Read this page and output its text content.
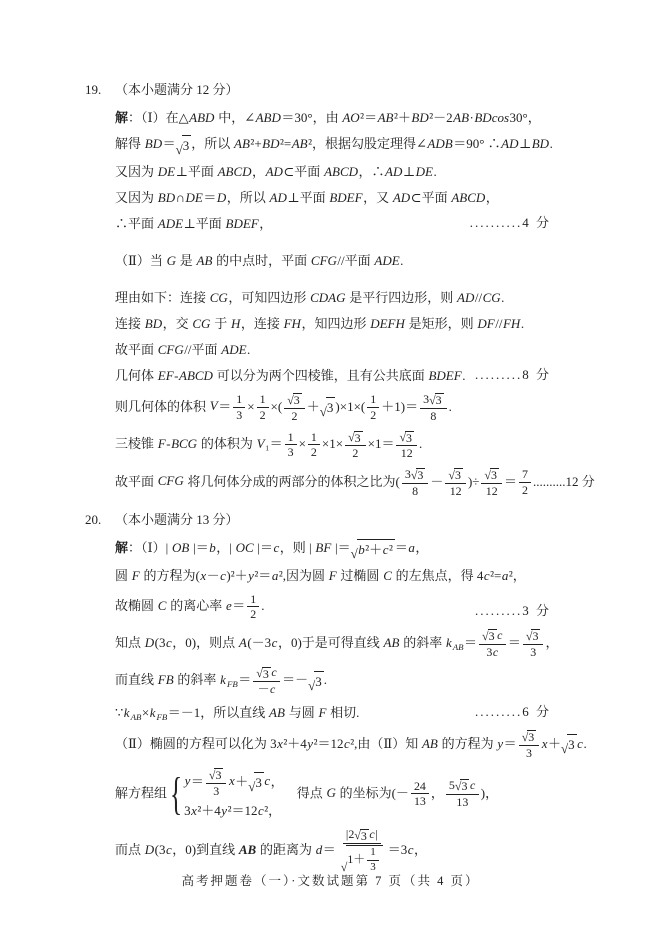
19.	（本小题满分 12 分）
解：（Ⅰ）在△ABD 中，∠ABD＝30°，由 AO²＝AB²＋BD²－2AB·BDcos30°，
解得 BD＝ √ 3 ，所以 AB²+BD²=AB²，根据勾股定理得∠ADB＝90° ∴AD⊥BD.
又因为 DE⊥平面 ABCD，AD⊂平面 ABCD，∴AD⊥DE.
又因为 BD∩DE＝D，所以 AD⊥平面 BDEF，又 AD⊂平面 ABCD，
∴平面 ADE⊥平面 BDEF，	..........4 分
（Ⅱ）当 G 是 AB 的中点时，平面 CFG//平面 ADE.
理由如下：连接 CG，可知四边形 CDAG 是平行四边形，则 AD//CG.
连接 BD，交 CG 于 H，连接 FH，知四边形 DEFH 是矩形，则 DF//FH.
故平面 CFG//平面 ADE.
几何体 EF-ABCD 可以分为两个四棱锥，且有公共底面 BDEF. .........8 分
则几何体的体积 $V= \frac{1}{3} \times \frac{1}{2}$ ×( $\frac{√ 3}{2}$ ＋ √ 3 )$\times 1\times( \frac{1}{2} +1)= \frac{3 √ 3}{8}$ .
三棱锥 F-BCG 的体积为 $V_1= \frac{1}{3} \times \frac{1}{2} \times 1\times \frac{√ 3}{2} \times 1= \frac{√ 3}{12}$ .
故平面 CFG 将几何体分成的两部分的体积之比为( $\frac{3 √ 3}{8} - \frac{√ 3}{12}$ )÷ $\frac{√ 3}{12} = \frac{7}{2} ..........12$ 分
20.	（本小题满分 13 分）
解：（Ⅰ）| OB |＝b，| OC |＝c，则 | BF |＝ √ b²＋c² ＝a，
圆 F 的方程为(x－c)²＋y²＝a²,因为圆 F 过椭圆 C 的左焦点，得 4c²=a²，
故椭圆 C 的离心率 $e= \frac{1}{2}$ .	.........3 分
知点 D(3c，0)，则点 A(－3c，0)于是可得直线 AB 的斜率 $k_{AB}= \frac{√ 3 c}{3c} = \frac{√ 3}{3}$ ，
而直线 FB 的斜率 $k_{FB}= \frac{√ 3 c}{-c}$ ＝－ √ 3 .
$\because k_{AB}\times k_{FB}=-1$，所以直线 AB 与圆 F 相切.	.........6 分
（Ⅱ）椭圆的方程可以化为 3x²＋4y²＝12c²,由（Ⅱ）知 AB 的方程为 $y= \frac{√ 3}{3} x+$ √ 3 c.
解方程组 { $y= \frac{√ 3}{3} x+$ √ 3 c，
3x²＋4y²＝12c²，
　得点 G 的坐标为(－ $\frac{24}{13}$ ， $\frac{5 √ 3 c}{13}$ )，
而点 D(3c，0)到直线 AB 的距离为 d＝ |2 √ 3 c|
√
$1+ \frac{1}{3} =3c$，
高考押题卷（一）·文数试题第 7 页（共 4 页）
